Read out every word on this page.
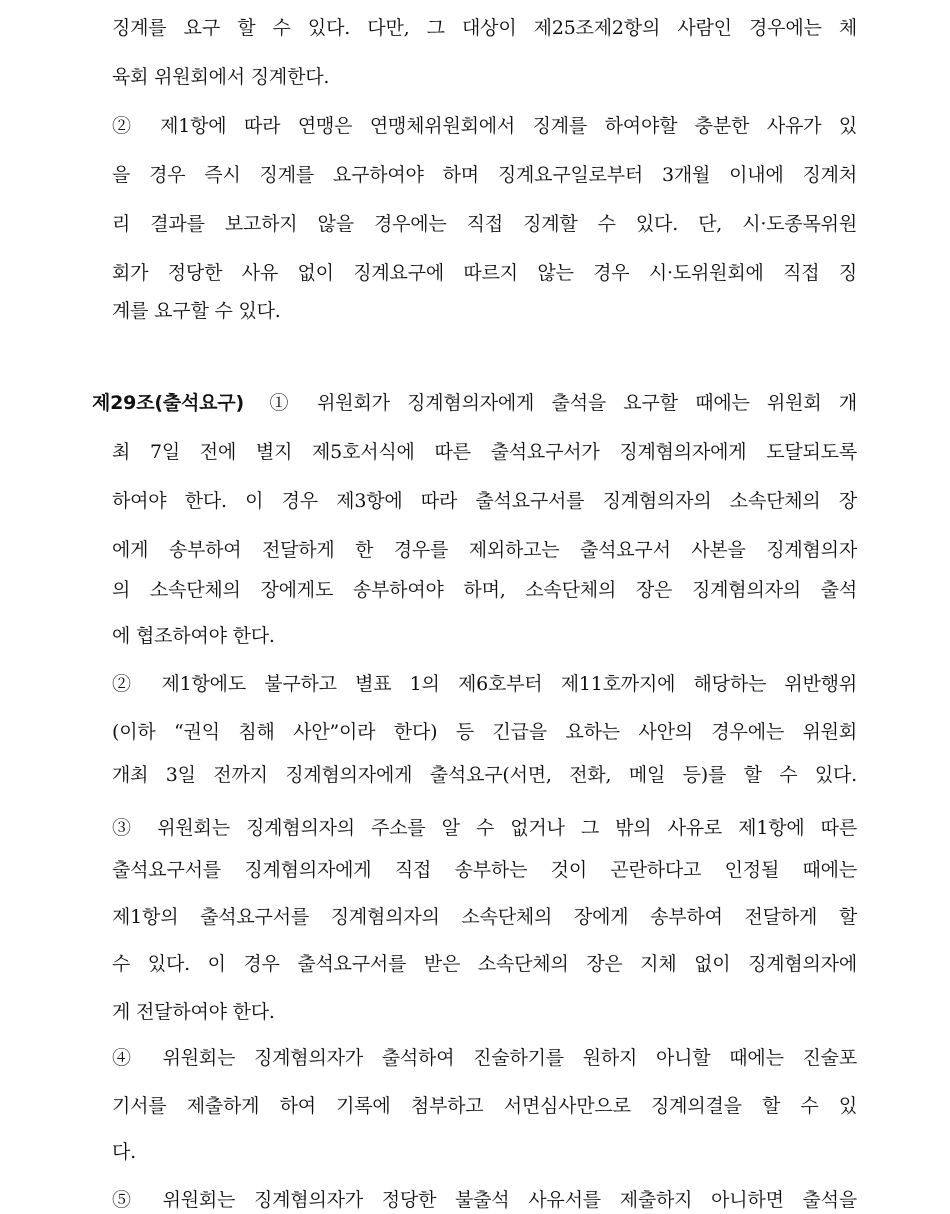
징계를 요구 할 수 있다. 다만, 그 대상이 제25조제2항의 사람인 경우에는 체
육회 위원회에서 징계한다.
② 제1항에 따라 연맹은 연맹체위원회에서 징계를 하여야할 충분한 사유가 있
을 경우 즉시 징계를 요구하여야 하며 징계요구일로부터 3개월 이내에 징계처
리 결과를 보고하지 않을 경우에는 직접 징계할 수 있다. 단, 시·도종목위원
회가 정당한 사유 없이 징계요구에 따르지 않는 경우 시·도위원회에 직접 징
계를 요구할 수 있다.
제29조(출석요구) ① 위원회가 징계혐의자에게 출석을 요구할 때에는 위원회 개
최 7일 전에 별지 제5호서식에 따른 출석요구서가 징계혐의자에게 도달되도록
하여야 한다. 이 경우 제3항에 따라 출석요구서를 징계혐의자의 소속단체의 장
에게 송부하여 전달하게 한 경우를 제외하고는 출석요구서 사본을 징계혐의자
의 소속단체의 장에게도 송부하여야 하며, 소속단체의 장은 징계혐의자의 출석
에 협조하여야 한다.
② 제1항에도 불구하고 별표 1의 제6호부터 제11호까지에 해당하는 위반행위
(이하 “권익 침해 사안”이라 한다) 등 긴급을 요하는 사안의 경우에는 위원회
개최 3일 전까지 징계혐의자에게 출석요구(서면, 전화, 메일 등)를 할 수 있다.
③ 위원회는 징계혐의자의 주소를 알 수 없거나 그 밖의 사유로 제1항에 따른
출석요구서를 징계혐의자에게 직접 송부하는 것이 곤란하다고 인정될 때에는
제1항의 출석요구서를 징계혐의자의 소속단체의 장에게 송부하여 전달하게 할
수 있다. 이 경우 출석요구서를 받은 소속단체의 장은 지체 없이 징계혐의자에
게 전달하여야 한다.
④ 위원회는 징계혐의자가 출석하여 진술하기를 원하지 아니할 때에는 진술포
기서를 제출하게 하여 기록에 첨부하고 서면심사만으로 징계의결을 할 수 있
다.
⑤ 위원회는 징계혐의자가 정당한 불출석 사유서를 제출하지 아니하면 출석을
